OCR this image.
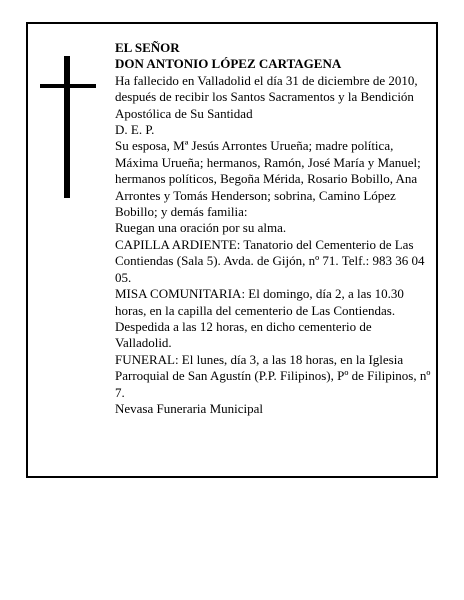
EL SEÑOR

DON ANTONIO LÓPEZ CARTAGENA

Ha fallecido en Valladolid el día 31 de diciembre de 2010, después de recibir los Santos Sacramentos y la Bendición Apostólica de Su Santidad

D. E. P.

Su esposa, Mª Jesús Arrontes Urueña; madre política, Máxima Urueña; hermanos, Ramón, José María y Manuel; hermanos políticos, Begoña Mérida, Rosario Bobillo, Ana Arrontes y Tomás Henderson; sobrina, Camino López Bobillo; y demás familia:

Ruegan una oración por su alma.

CAPILLA ARDIENTE: Tanatorio del Cementerio de Las Contiendas (Sala 5). Avda. de Gijón, nº 71. Telf.: 983 36 04 05.

MISA COMUNITARIA: El domingo, día 2, a las 10.30 horas, en la capilla del cementerio de Las Contiendas. Despedida a las 12 horas, en dicho cementerio de Valladolid.

FUNERAL: El lunes, día 3, a las 18 horas, en la Iglesia Parroquial de San Agustín (P.P. Filipinos), Pº de Filipinos, nº 7.

Nevasa Funeraria Municipal
